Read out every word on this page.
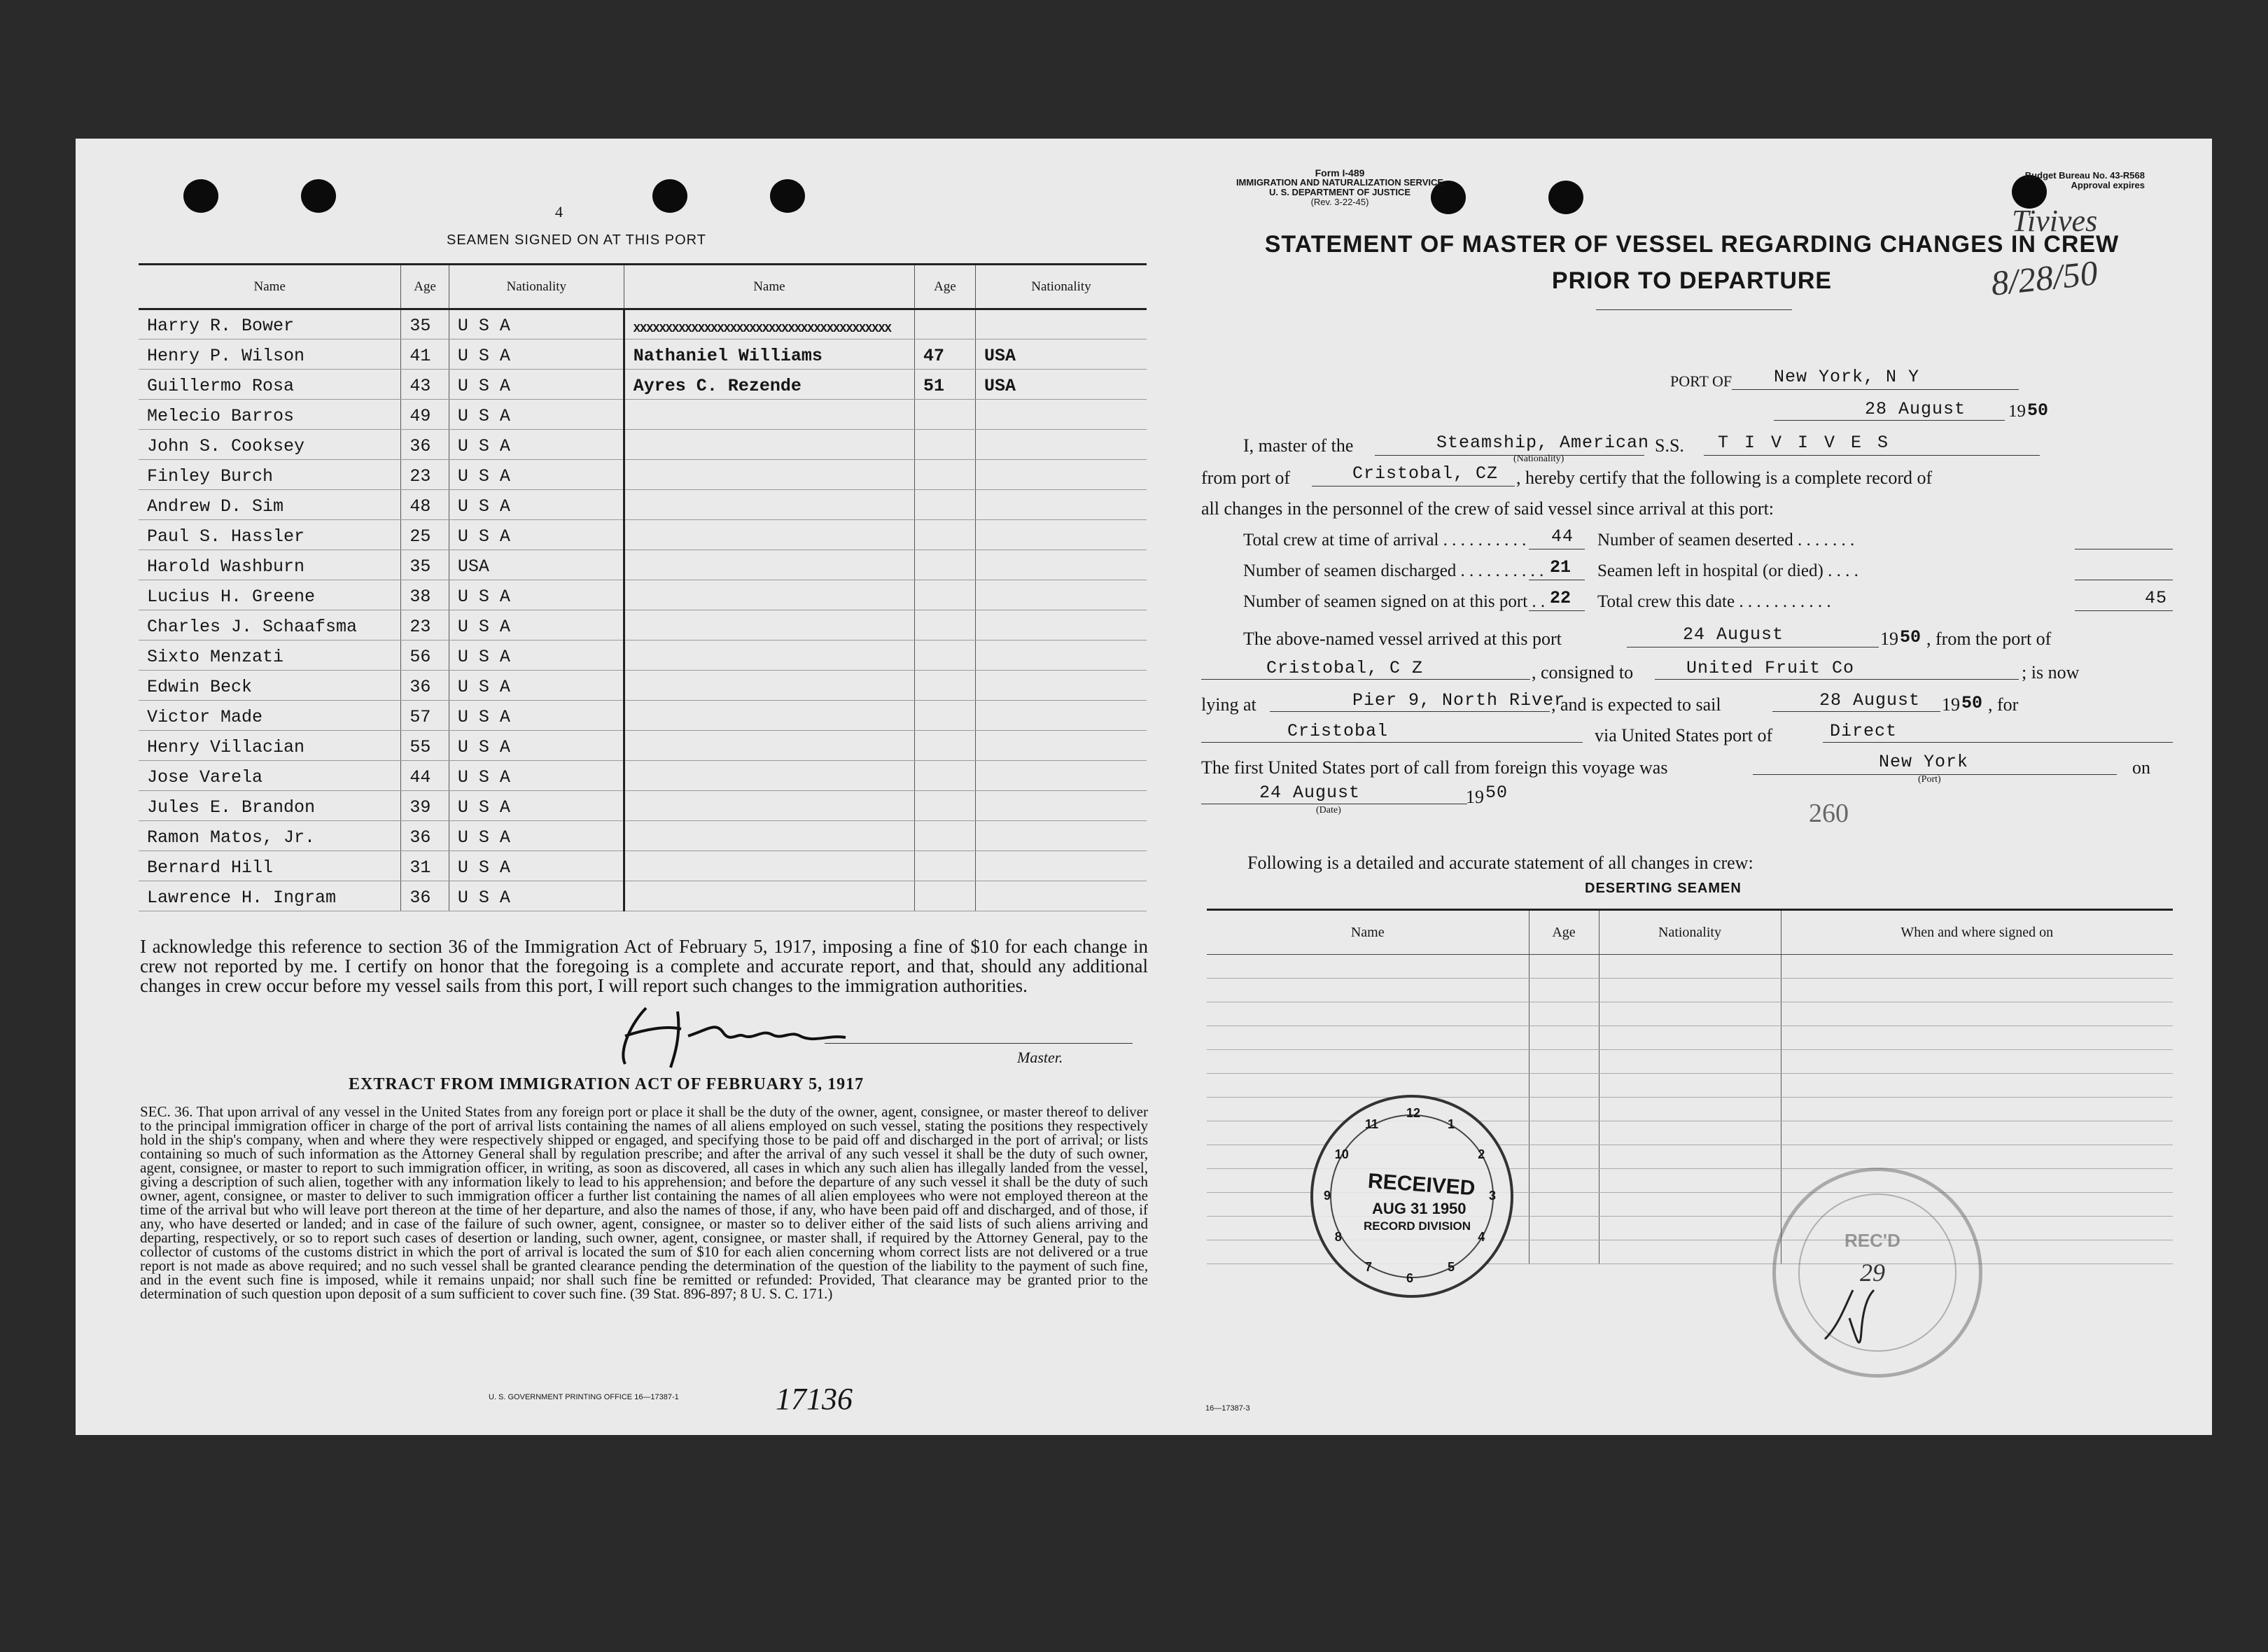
4
SEAMEN SIGNED ON AT THIS PORT
Name	Age	Nationality	Name	Age	Nationality
Harry R. Bower	35	U S A	XXXXXXXXXXXXXXXXXXXXXXXXXXXXXXXXXXXXXXXX		
Henry P. Wilson	41	U S A	Nathaniel Williams	47	USA
Guillermo Rosa	43	U S A	Ayres C. Rezende	51	USA
Melecio Barros	49	U S A			
John S. Cooksey	36	U S A			
Finley Burch	23	U S A			
Andrew D. Sim	48	U S A			
Paul S. Hassler	25	U S A			
Harold Washburn	35	USA			
Lucius H. Greene	38	U S A			
Charles J. Schaafsma	23	U S A			
Sixto Menzati	56	U S A			
Edwin Beck	36	U S A			
Victor Made	57	U S A			
Henry Villacian	55	U S A			
Jose Varela	44	U S A			
Jules E. Brandon	39	U S A			
Ramon Matos, Jr.	36	U S A			
Bernard Hill	31	U S A			
Lawrence H. Ingram	36	U S A			
I acknowledge this reference to section 36 of the Immigration Act of February 5, 1917, imposing a fine of $10 for each change in crew not reported by me. I certify on honor that the foregoing is a complete and accurate report, and that, should any additional changes in crew occur before my vessel sails from this port, I will report such changes to the immigration authorities.
Master.
EXTRACT FROM IMMIGRATION ACT OF FEBRUARY 5, 1917
SEC. 36. That upon arrival of any vessel in the United States from any foreign port or place it shall be the duty of the owner, agent, consignee, or master thereof to deliver to the principal immigration officer in charge of the port of arrival lists containing the names of all aliens employed on such vessel, stating the positions they respectively hold in the ship's company, when and where they were respectively shipped or engaged, and specifying those to be paid off and discharged in the port of arrival; or lists containing so much of such information as the Attorney General shall by regulation prescribe; and after the arrival of any such vessel it shall be the duty of such owner, agent, consignee, or master to report to such immigration officer, in writing, as soon as discovered, all cases in which any such alien has illegally landed from the vessel, giving a description of such alien, together with any information likely to lead to his apprehension; and before the departure of any such vessel it shall be the duty of such owner, agent, consignee, or master to deliver to such immigration officer a further list containing the names of all alien employees who were not employed thereon at the time of the arrival but who will leave port thereon at the time of her departure, and also the names of those, if any, who have been paid off and discharged, and of those, if any, who have deserted or landed; and in case of the failure of such owner, agent, consignee, or master so to deliver either of the said lists of such aliens arriving and departing, respectively, or so to report such cases of desertion or landing, such owner, agent, consignee, or master shall, if required by the Attorney General, pay to the collector of customs of the customs district in which the port of arrival is located the sum of $10 for each alien concerning whom correct lists are not delivered or a true report is not made as above required; and no such vessel shall be granted clearance pending the determination of the question of the liability to the payment of such fine, and in the event such fine is imposed, while it remains unpaid; nor shall such fine be remitted or refunded: Provided, That clearance may be granted prior to the determination of such question upon deposit of a sum sufficient to cover such fine. (39 Stat. 896-897; 8 U. S. C. 171.)
U. S. GOVERNMENT PRINTING OFFICE 16—17387-1	17136
Form I-489
IMMIGRATION AND NATURALIZATION SERVICE
U. S. DEPARTMENT OF JUSTICE
(Rev. 3-22-45)
Budget Bureau No. 43-R568
Approval expires
Tivives
8/28/50
STATEMENT OF MASTER OF VESSEL REGARDING CHANGES IN CREW
PRIOR TO DEPARTURE
PORT OF New York, N Y
28 August 19 50
I, master of the	Steamship, American
(Nationality)
S.S. T I V I V E S
from port of	Cristobal, CZ , hereby certify that the following is a complete record of
all changes in the personnel of the crew of said vessel since arrival at this port:
Total crew at time of arrival . . . . . . . . . . 44
Number of seamen discharged . . . . . . . . . . 21
Number of seamen signed on at this port . . 22
Number of seamen deserted . . . . . . .
Seamen left in hospital (or died) . . . .
Total crew this date . . . . . . . . . . .	45
The above-named vessel arrived at this port	24 August	19 50 , from the port of
Cristobal, C Z	, consigned to	United Fruit Co	; is now
lying at	Pier 9, North River
, and is expected to sail	28 August 19 50 , for
Cristobal	via United States port of	Direct
The first United States port of call from foreign this voyage was	New York
(Port)
on
24 August	19 50
(Date)	260
Following is a detailed and accurate statement of all changes in crew:
DESERTING SEAMEN
Name	Age	Nationality	When and where signed on

12
1
2
3
4
5
6
7
8
9
10
11
RECEIVED
AUG 31 1950
RECORD DIVISION
REC'D
29
16—17387-3
